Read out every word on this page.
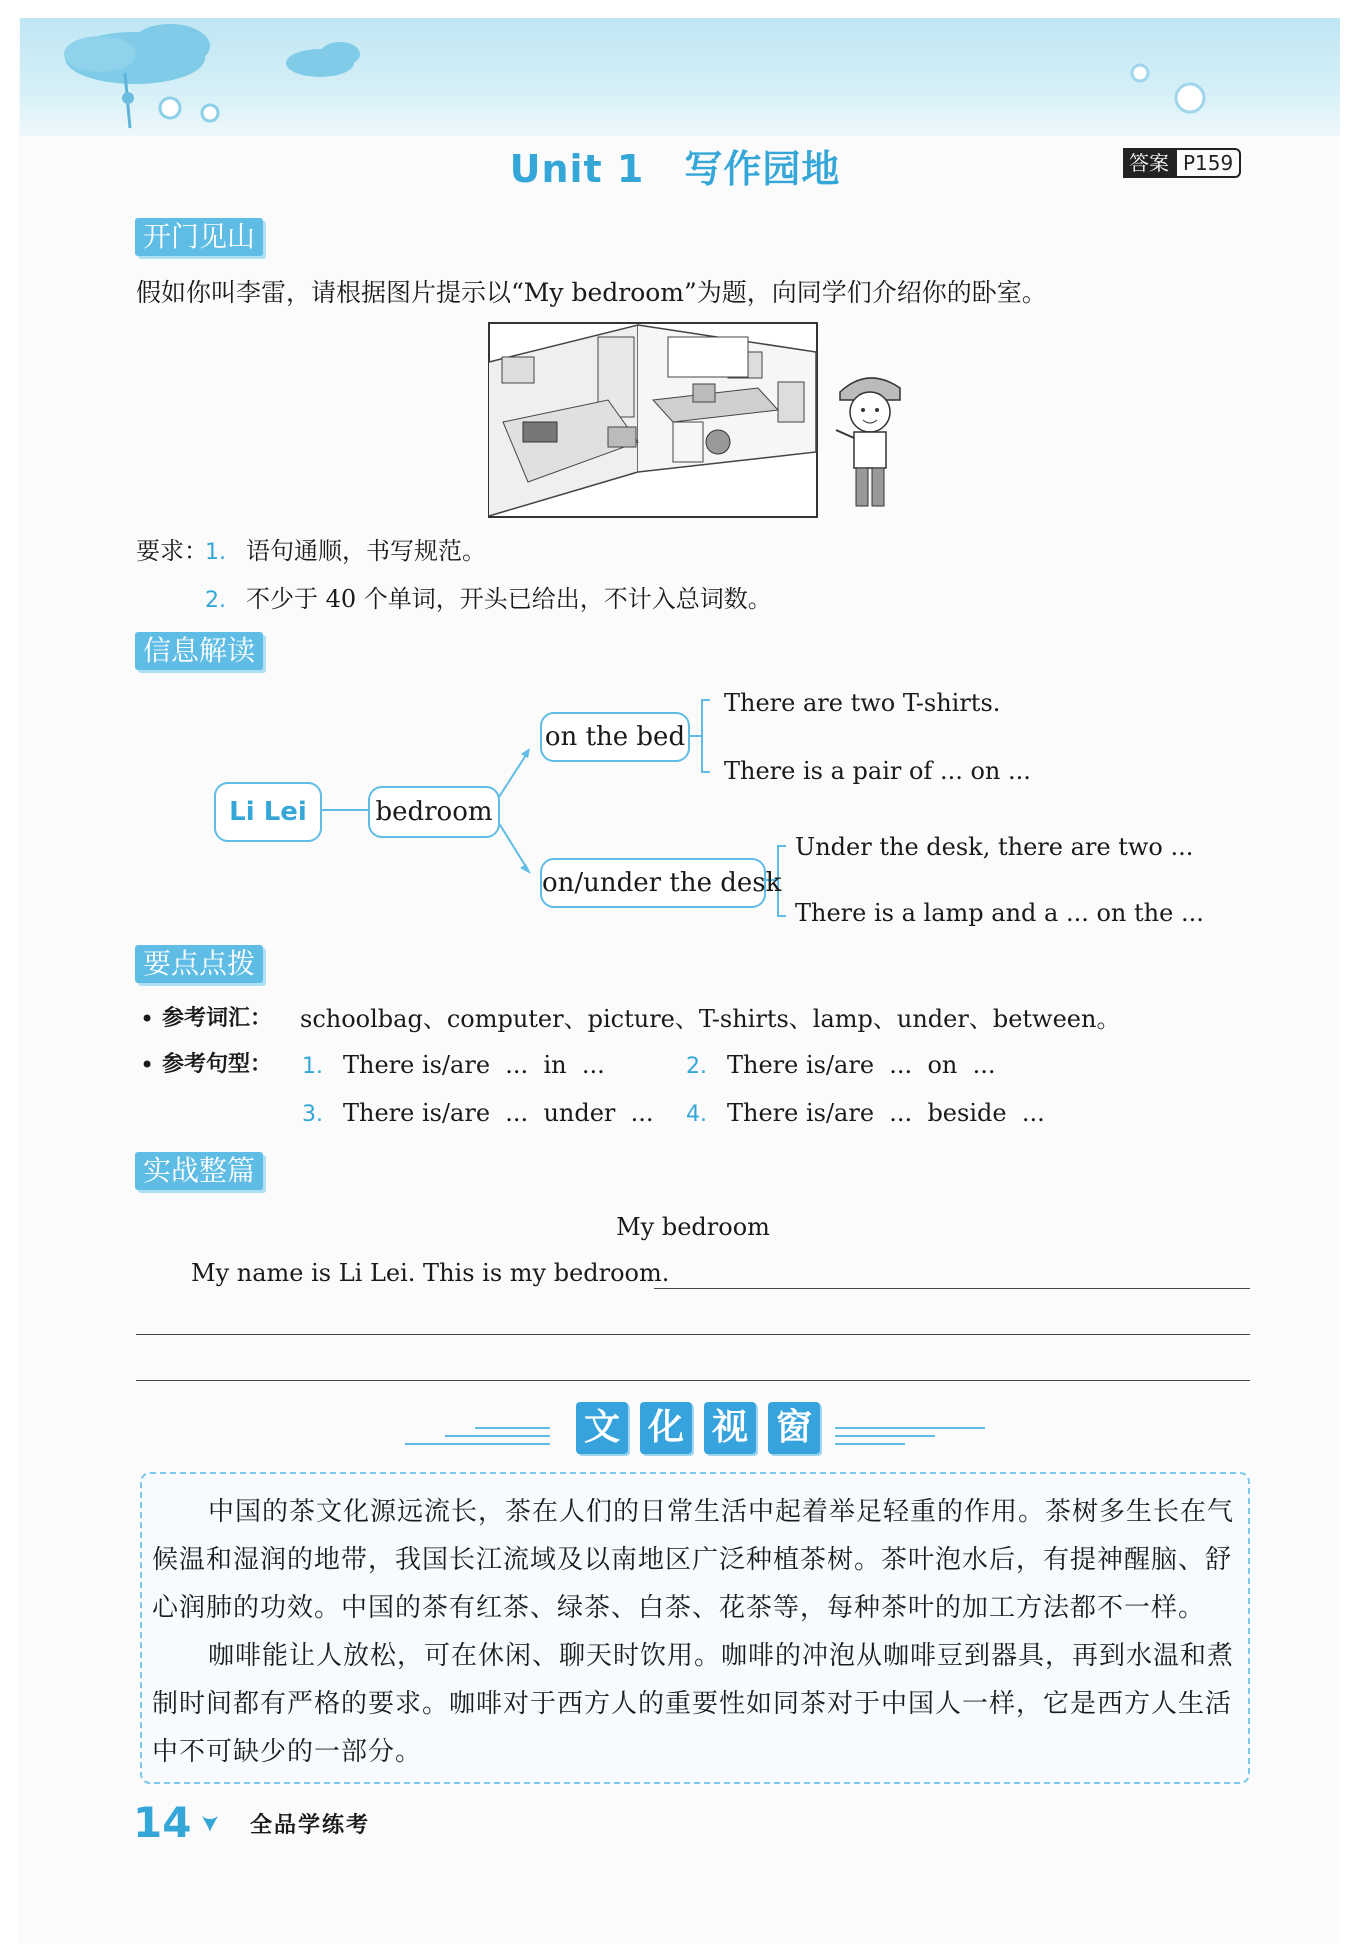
Unit 1 写作园地	答案 P159
开门见山
假如你叫李雷，请根据图片提示以“My bedroom”为题，向同学们介绍你的卧室。
要求：
1. 语句通顺，书写规范。
2. 不少于 40 个单词，开头已给出，不计入总词数。
信息解读
Li Lei	bedroom
on the bed
on/under the desk
There are two T-shirts.
There is a pair of ... on ...
Under the desk, there are two ...
There is a lamp and a ... on the ...
要点点拨
• 参考词汇： schoolbag、computer、picture、T-shirts、lamp、under、between。
• 参考句型： 1. There is/are  ...  in  ...	2. There is/are  ...  on  ...
3. There is/are  ...  under  ... 4. There is/are  ...  beside  ...
实战整篇
My bedroom
My name is Li Lei. This is my bedroom.
文 化 视 窗

中国的茶文化源远流长，茶在人们的日常生活中起着举足轻重的作用。茶树多生长在气候温和湿润的地带，我国长江流域及以南地区广泛种植茶树。茶叶泡水后，有提神醒脑、舒心润肺的功效。中国的茶有红茶、绿茶、白茶、花茶等，每种茶叶的加工方法都不一样。

咖啡能让人放松，可在休闲、聊天时饮用。咖啡的冲泡从咖啡豆到器具，再到水温和煮制时间都有严格的要求。咖啡对于西方人的重要性如同茶对于中国人一样，它是西方人生活中不可缺少的一部分。

14	全品学练考
